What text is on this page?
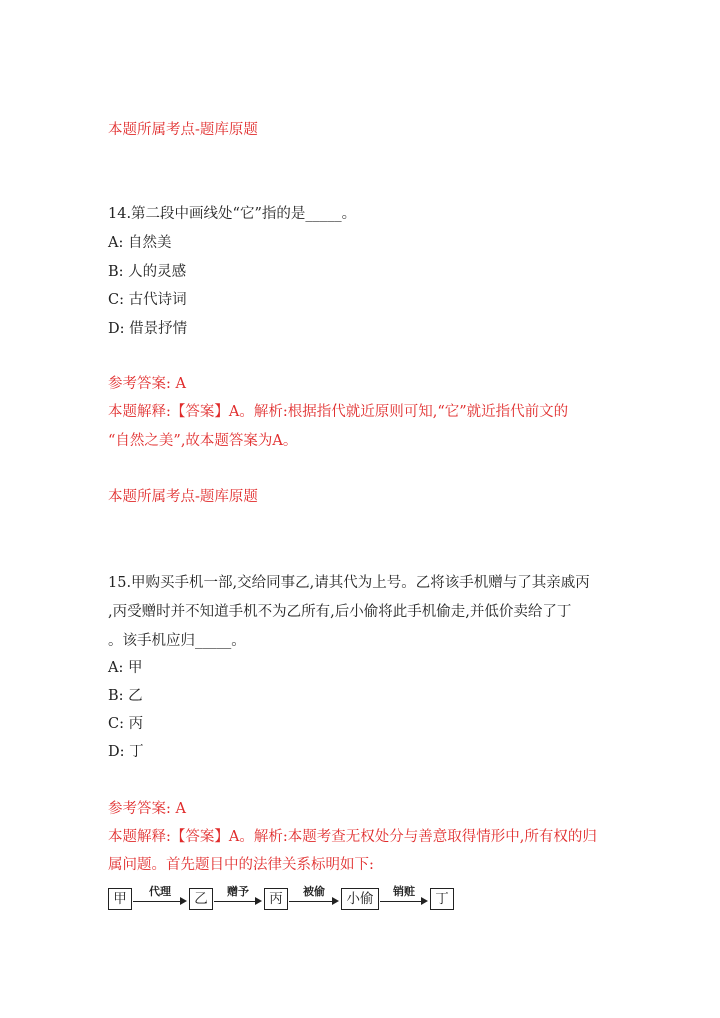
本题所属考点-题库原题
14.第二段中画线处“它”指的是_____。
A: 自然美
B: 人的灵感
C: 古代诗词
D: 借景抒情
参考答案: A
本题解释:【答案】A。解析:根据指代就近原则可知,“它”就近指代前文的
“自然之美”,故本题答案为A。
本题所属考点-题库原题
15.甲购买手机一部,交给同事乙,请其代为上号。乙将该手机赠与了其亲戚丙
,丙受赠时并不知道手机不为乙所有,后小偷将此手机偷走,并低价卖给了丁
。该手机应归_____。
A: 甲
B: 乙
C: 丙
D: 丁
参考答案: A
本题解释:【答案】A。解析:本题考查无权处分与善意取得情形中,所有权的归
属问题。首先题目中的法律关系标明如下:
甲	代理	乙	赠予	丙	被偷	小偷	销赃	丁
